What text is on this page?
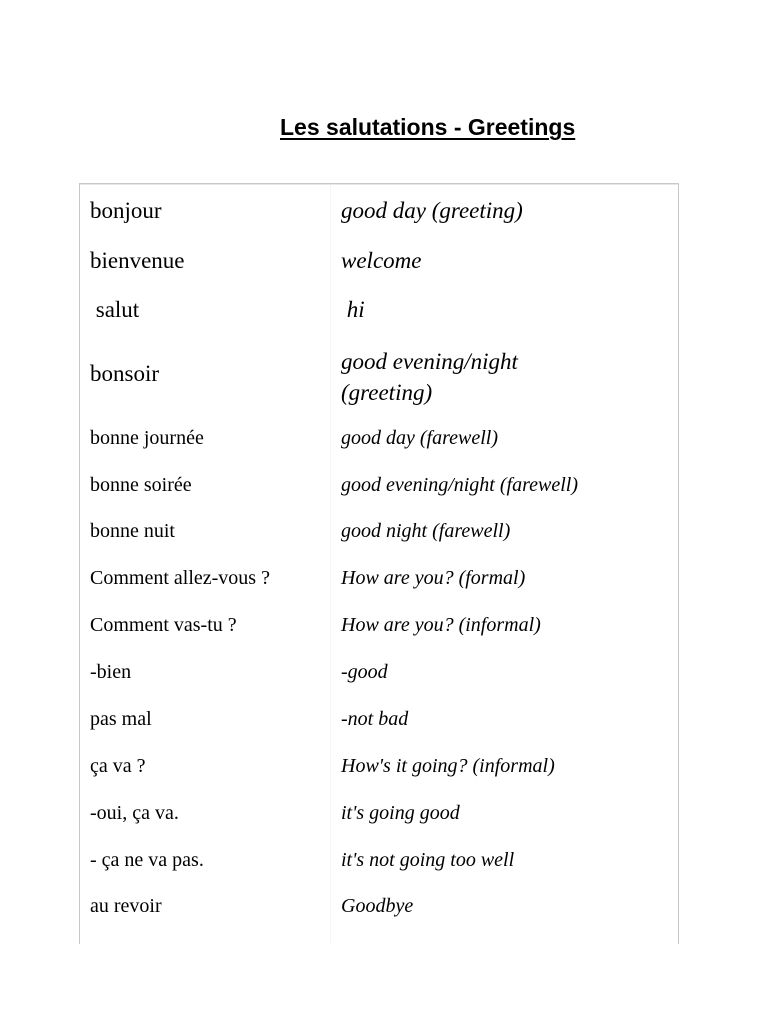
Les salutations - Greetings
bonjour	good day (greeting)
bienvenue	welcome
salut	hi
bonsoir	good evening/night (greeting)
bonne journée	good day (farewell)
bonne soirée	good evening/night (farewell)
bonne nuit	good night (farewell)
Comment allez-vous ?	How are you? (formal)
Comment vas-tu ?	How are you? (informal)
-bien	-good
pas mal	-not bad
ça va ?	How's it going? (informal)
-oui, ça va.	it's going good
- ça ne va pas.	it's not going too well
au revoir	Goodbye
